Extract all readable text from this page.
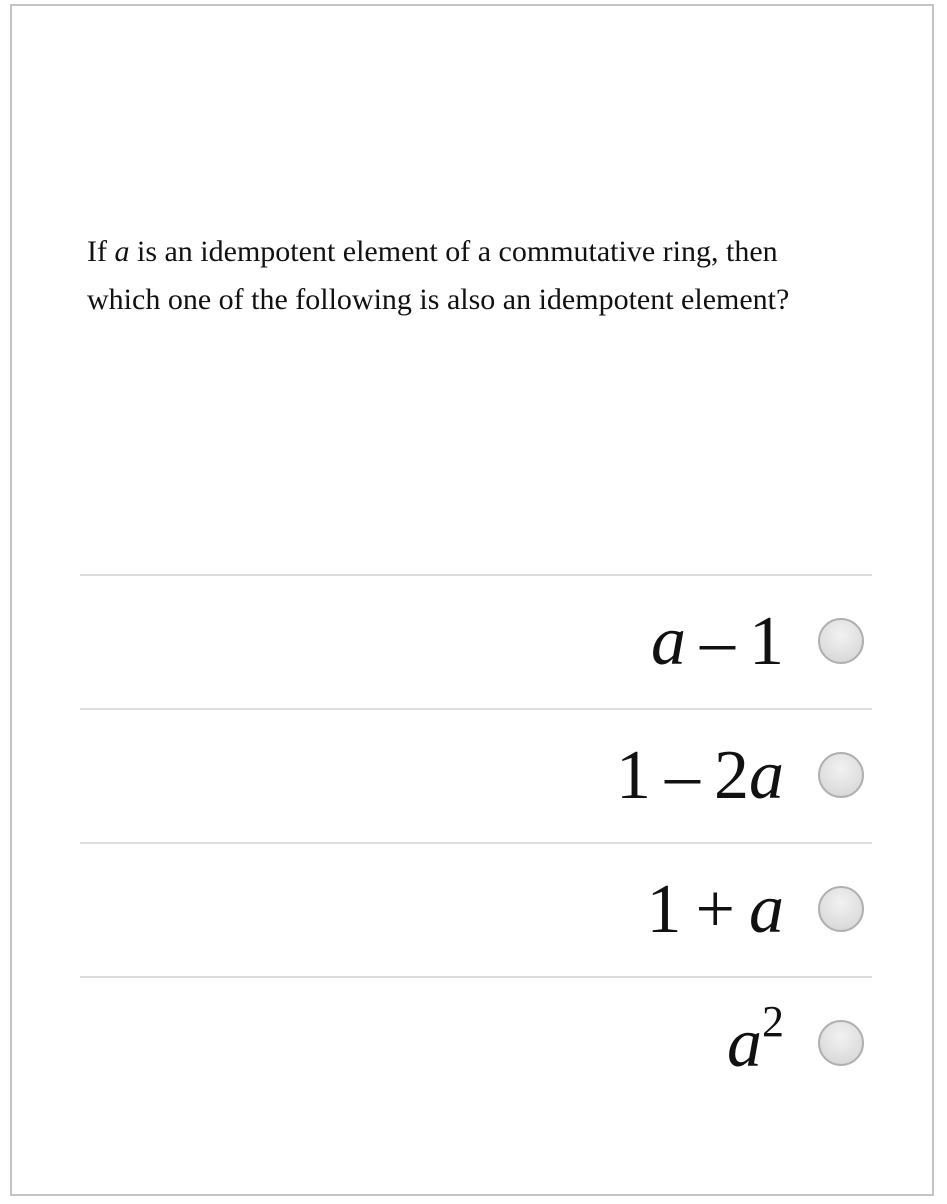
If a is an idempotent element of a commutative ring, then
which one of the following is also an idempotent element?
a – 1
1 – 2a
1 + a
$a^2$
